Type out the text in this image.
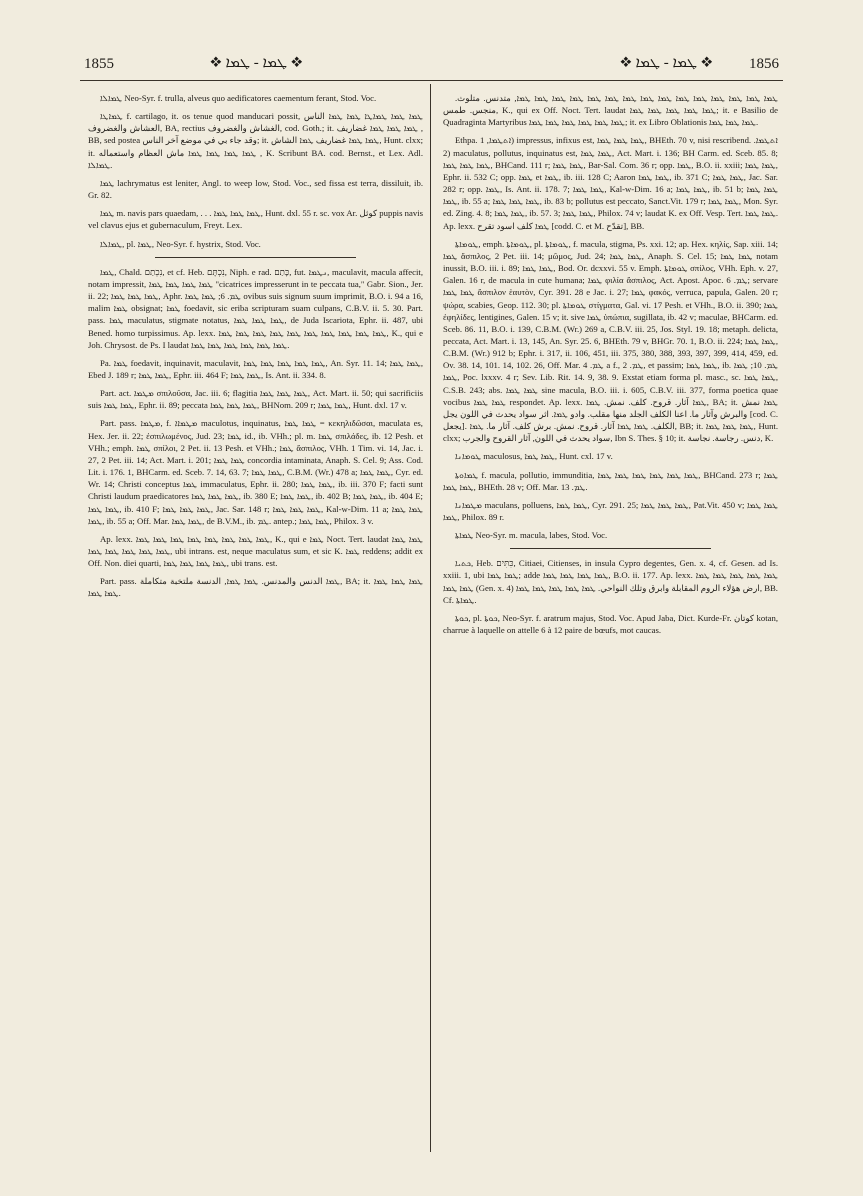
1855	❖ ܛܡܐ - ܛܡܐ ❖	❖ ܛܡܐ - ܛܡܐ ❖ 1856

ܛܡܐܠܐ Neo-Syr. f. trulla, alveus quo aedificatores caementum ferant, Stod. Voc.

ܛܡܐܛܐ f. cartilago, it. os tenue quod manducari possit, ܛܡܐ ܛܡܐ ܛܡܐܛܐ ܛܡܐ ܛܡܐ الناس العشاش والغضروف, BA, rectius الغشاش والغضروف, cod. Goth.; it. ܛܡܐ ܛܡܐ ܛܡܐ غضاريف , BB, sed postea وقد جاء بي في موضع آخر الناس; it. ܛܡܐ ܛܡܐ غضاريف ܛܡܐ الشاش, Hunt. clxx; it. ܛܡܐ ܛܡܐ ܛܡܐ ܛܡܐ ماش العظام واستعماله , K. Scribunt BA. cod. Bernst., et Lex. Adl. ܛܡܐܠܐ.

ܛܡܐ lachrymatus est leniter, Angl. to weep low, Stod. Voc., sed fissa est terra, dissiluit, ib. Gr. 82.

ܛܡܐ m. navis pars quaedam, . . . ܛܡܐ ܛܡܐ ܛܡܐ, Hunt. dxl. 55 r. sc. vox Ar. كوثل puppis navis vel clavus ejus et gubernaculum, Freyt. Lex.

ܛܡܐܠܐ, pl. ܛܡܐ, Neo-Syr. f. hystrix, Stod. Voc.

ܛܡܐ, Chald. נִכְתַם, et cf. Heb. נִכְתָּם, Niph. e rad. כָּתַם, fut. ܢܛܡܐ, maculavit, macula affecit, notam impressit, ܛܡܐ ܛܡܐ ܛܡܐ ܛܡܐ "cicatrices impresserunt in te peccata tua," Gabr. Sion., Jer. ii. 22; ܛܡܐ ܛܡܐ ܛܡܐ, Aphr. ܛܡ. 6; ܛܡܐ ܛܡܐ ovibus suis signum suum imprimit, B.O. i. 94 a 16, malim ܛܡܐ obsignat; ܛܡܐ foedavit, sic eriba scripturam suam culpans, C.B.V. ii. 5. 30. Part. pass. ܛܡܐ maculatus, stigmate notatus, ܛܡܐ ܛܡܐ ܛܡܐ, de Juda Iscariota, Ephr. ii. 487, ubi Bened. homo turpissimus. Ap. lexx. ܛܡܐ ܛܡܐ ܛܡܐ ܛܡܐ ܛܡܐ ܛܡܐ ܛܡܐ ܛܡܐ ܛܡܐ ܛܡܐ, K., qui e Joh. Chrysost. de Ps. I laudat ܛܡܐ ܛܡܐ ܛܡܐ ܛܡܐ ܛܡܐ ܛܡܐ.

Pa. ܛܡܐ foedavit, inquinavit, maculavit, ܛܡܐ ܛܡܐ ܛܡܐ ܛܡܐ ܛܡܐ, An. Syr. 11. 14; ܛܡܐ ܛܡܐ, Ebed J. 189 r; ܛܡܐ ܛܡܐ, Ephr. iii. 464 F; ܛܡܐ ܛܡܐ, Is. Ant. ii. 334. 8.

Part. act. ܡܛܡܐ σπιλοῦσα, Jac. iii. 6; flagitia ܛܡܐ ܛܡܐ ܛܡܐ, Act. Mart. ii. 50; qui sacrificiis suis ܛܡܐ ܛܡܐ, Ephr. ii. 89; peccata ܛܡܐ ܛܡܐ ܛܡܐ, BHNom. 209 r; ܛܡܐ ܛܡܐ, Hunt. dxl. 17 v.

Part. pass. ܡܛܡܐ, f. ܡܛܡܐܐ maculotus, inquinatus, ܛܡܐ ܛܡܐ = κεκηλιδῶσαι, maculata es, Hex. Jer. ii. 22; ἐσπιλωμένος, Jud. 23; ܛܡܐ id., ib. VHh.; pl. m. ܛܡܐ σπιλάδες, ib. 12 Pesh. et VHh.; emph. ܛܡܐ σπίλοι, 2 Pet. ii. 13 Pesh. et VHh.; ܛܡܐ ἄσπιλος, VHh. 1 Tim. vi. 14, Jac. i. 27, 2 Pet. iii. 14; Act. Mart. i. 201; ܛܡܐ ܛܡܐ concordia intaminata, Anaph. S. Cel. 9; Ass. Cod. Lit. i. 176. 1, BHCarm. ed. Sceb. 7. 14, 63. 7; ܛܡܐ ܛܡܐ, C.B.M. (Wr.) 478 a; ܛܡܐ ܛܡܐ, Cyr. ed. Wr. 14; Christi conceptus ܛܡܐ immaculatus, Ephr. ii. 280; ܛܡܐ ܛܡܐ, ib. iii. 370 F; facti sunt Christi laudum praedicatores ܛܡܐ ܛܡܐ ܛܡܐ, ib. 380 E; ܛܡܐ ܛܡܐ, ib. 402 B; ܛܡܐ ܛܡܐ, ib. 404 E; ܛܡܐ ܛܡܐ, ib. 410 F; ܛܡܐ ܛܡܐ ܛܡܐ, Jac. Sar. 148 r; ܛܡܐ ܛܡܐ ܛܡܐ, Kal-w-Dim. 11 a; ܛܡܐ ܛܡܐ ܛܡܐ, ib. 55 a; Off. Mar. ܛܡܐ ܛܡܐ, de B.V.M., ib. ܛܡ. antep.; ܛܡܐ ܛܡܐ, Philox. 3 v.

Ap. lexx. ܛܡܐ ܛܡܐ ܛܡܐ ܛܡܐ ܛܡܐ ܛܡܐ ܛܡܐ ܛܡܐ, K., qui e ܛܡܐ Noct. Tert. laudat ܛܡܐ ܛܡܐ ܛܡܐ ܛܡܐ ܛܡܐ ܛܡܐ ܛܡܐ, ubi intrans. est, neque maculatus sum, et sic K. ܛܡܐ reddens; addit ex Off. Non. diei quarti, ܛܡܐ ܛܡܐ ܛܡܐ ܛܡܐ, ubi trans. est.

Part. pass. ܛܡܐ الدنس والمدنس. ܛܡܐ ܛܡܐ, الدنسة ملتخبة متكاملة, BA; it. ܛܡܐ ܛܡܐ ܛܡܐ ܛܡܐ ܛܡܐ.

ܛܡܐ ܛܡܐ ܛܡܐ ܛܡܐ ܛܡܐ ܛܡܐ ܛܡܐ ܛܡܐ ܛܡܐ ܛܡܐ ܛܡܐ ܛܡܐ ܛܡܐ ܛܡܐ ܛܡܐ, متدنس. متلوث. منجس. طمس, K., qui ex Off. Noct. Tert. laudat ܛܡܐ ܛܡܐ ܛܡܐ ܛܡܐ ܛܡܐ; it. e Basilio de Quadraginta Martyribus ܛܡܐ ܛܡܐ ܛܡܐ ܛܡܐ ܛܡܐ ܛܡܐ; it. ex Libro Oblationis ܛܡܐ ܛܡܐ ܛܡܐ.

Ethpa. ܐܬܛܡܐ, 1) impressus, infixus est, ܛܡܐ ܛܡܐ ܛܡܐ, BHEth. 70 v, nisi rescribend. ܐܬܛܡܐ. 2) maculatus, pollutus, inquinatus est, ܛܡܐ ܛܡܐ, Act. Mart. i. 136; BH Carm. ed. Sceb. 85. 8; ܛܡܐ ܛܡܐ ܛܡܐ, BHCand. 111 r; ܛܡܐ ܛܡܐ, Bar-Sal. Com. 36 r; opp. ܛܡܐ, B.O. ii. xxiii; ܛܡܐ ܛܡܐ, Ephr. ii. 532 C; opp. ܛܡܐ et ܛܡܐ, ib. iii. 128 C; Aaron ܛܡܐ ܛܡܐ, ib. 371 C; ܛܡܐ ܛܡܐ, Jac. Sar. 282 r; opp. ܛܡܐ, Is. Ant. ii. 178. 7; ܛܡܐ ܛܡܐ, Kal-w-Dim. 16 a; ܛܡܐ ܛܡܐ, ib. 51 b; ܛܡܐ ܛܡܐ ܛܡܐ, ib. 55 a; ܛܡܐ ܛܡܐ ܛܡܐ, ib. 83 b; pollutus est peccato, Sanct.Vit. 179 r; ܛܡܐ ܛܡܐ, Mon. Syr. ed. Zing. 4. 8; ܛܡܐ ܛܡܐ, ib. 57. 3; ܛܡܐ ܛܡܐ, Philox. 74 v; laudat K. ex Off. Vesp. Tert. ܛܡܐ ܛܡܐ. Ap. lexx. ܛܡܐ كلف اسود تقرح [codd. C. et M. تقدّح], BB.

ܛܘܡܐܬܐ, emph. ܛܘܡܐܬܐ, pl. ܛܘܡܐܬܐ, f. macula, stigma, Ps. xxi. 12; ap. Hex. κηλίς, Sap. xiii. 14; ܛܡܐ ἄσπιλος, 2 Pet. iii. 14; μῶμος, Jud. 24; ܛܡܐ ܛܡܐ, Anaph. S. Cel. 15; ܛܡܐ ܛܡܐ notam inussit, B.O. iii. i. 89; ܛܡܐ ܛܡܐ, Bod. Or. dcxxvi. 55 v. Emph. ܛܘܡܐܬܐ σπίλος, VHh. Eph. v. 27, Galen. 16 r, de macula in cute humana; ܛܡܐ φιλία ἄσπιλος, Act. Apost. Apoc. ܛܡ. 6; servare ܛܡܐ ܛܡܐ ἄσπιλον ἑαυτὸν, Cyr. 391. 28 e Jac. i. 27; ܛܡܐ φακός, verruca, papula, Galen. 20 r; ψώρα, scabies, Geop. 112. 30; pl. ܛܘܡܐܬܐ στίγματα, Gal. vi. 17 Pesh. et VHh., B.O. ii. 390; ܛܡܐ ἐφηλίδες, lentigines, Galen. 15 v; it. sive ܛܡܐ ὑπώπια, sugillata, ib. 42 v; maculae, BHCarm. ed. Sceb. 86. 11, B.O. i. 139, C.B.M. (Wr.) 269 a, C.B.V. iii. 25, Jos. Styl. 19. 18; metaph. delicta, peccata, Act. Mart. i. 13, 145, An. Syr. 25. 6, BHEth. 79 v, BHGr. 70. 1, B.O. ii. 224; ܛܡܐ ܛܡܐ, C.B.M. (Wr.) 912 b; Ephr. i. 317, ii. 106, 451, iii. 375, 380, 388, 393, 397, 399, 414, 459, ed. Ov. 38. 14, 101. 14, 102. 26, Off. Mar. ܛܡ. 4 a f., ܛܡ. 2, et passim; ܛܡܐ ܛܡܐ, ib. ܛܡ. 10; ܛܡܐ ܛܡܐ, Poc. lxxxv. 4 r; Sev. Lib. Rit. 14. 9, 38. 9. Exstat etiam forma pl. masc., sc. ܛܡܐ ܛܡܐ, C.S.B. 243; abs. ܛܡܐ ܛܡܐ sine macula, B.O. iii. i. 605, C.B.V. iii. 377, forma poetica quae vocibus ܛܡܐ ܛܡܐ respondet. Ap. lexx. ܛܡܐ آثار. قروح. كلف. نمش. ܛܡܐ, BA; it. ܛܡܐ نمش والبرش وآثار ما. اعنا الكلف الجلد منها مقلب. وادو ܛܡܐ. اثر سواد يحدث في اللون يجل [cod. C. يجعل]. الكلف. ܛܡܐ ܛܡܐ آثار. قروح. نمش. برش كلف. آثار ما. ܛܡܐ, BB; it. ܛܡܐ ܛܡܐ ܛܡܐ, Hunt. clxx; سواد يحدث في اللون, آثار القروح والجرب, Ibn S. Thes. § 10; it. دنس. رجاسة. نجاسة, K.

ܛܘܡܐܢܐ maculosus, ܛܡܐ ܛܡܐ, Hunt. cxl. 17 v.

ܛܡܐܘܬܐ f. macula, pollutio, immunditia, ܛܡܐ ܛܡܐ ܛܡܐ ܛܡܐ ܛܡܐ ܛܡܐ, BHCand. 273 r; ܛܡܐ ܛܡܐ ܛܡܐ, BHEth. 28 v; Off. Mar. ܛܡ. 13.

ܡܛܡܐܢܐ maculans, polluens, ܛܡܐ ܛܡܐ, Cyr. 291. 25; ܛܡܐ ܛܡܐ ܛܡܐ, Pat.Vit. 450 v; ܛܡܐ ܛܡܐ ܛܡܐ, Philox. 89 r.

ܛܡܐܬܐ Neo-Syr. m. macula, labes, Stod. Voc.

ܟܬܝܐ, Heb. כִּתִּים, Citiaei, Citienses, in insula Cypro degentes, Gen. x. 4, cf. Gesen. ad Is. xxiii. 1, ubi ܛܡܐ ܛܡܐ; adde ܛܡܐ ܛܡܐ ܛܡܐ ܛܡܐ, B.O. ii. 177. Ap. lexx. ܛܡܐ ܛܡܐ ܛܡܐ ܛܡܐ ܛܡܐ ܛܡܐ ܛܡܐ (Gen. x. 4) ارض هؤلاء الروم المقابلة وابرق وتلك النواحي. ܛܡܐ ܛܡܐ ܛܡܐ ܛܡܐ ܛܡܐ, BB. Cf. ܛܡܐܬܐ.

ܟܘܬܐ, pl. ܟܘܬܐ, Neo-Syr. f. aratrum majus, Stod. Voc. Apud Jaba, Dict. Kurde-Fr. كوتان kotan, charrue à laquelle on attelle 6 à 12 paire de bœufs, mot caucas.
